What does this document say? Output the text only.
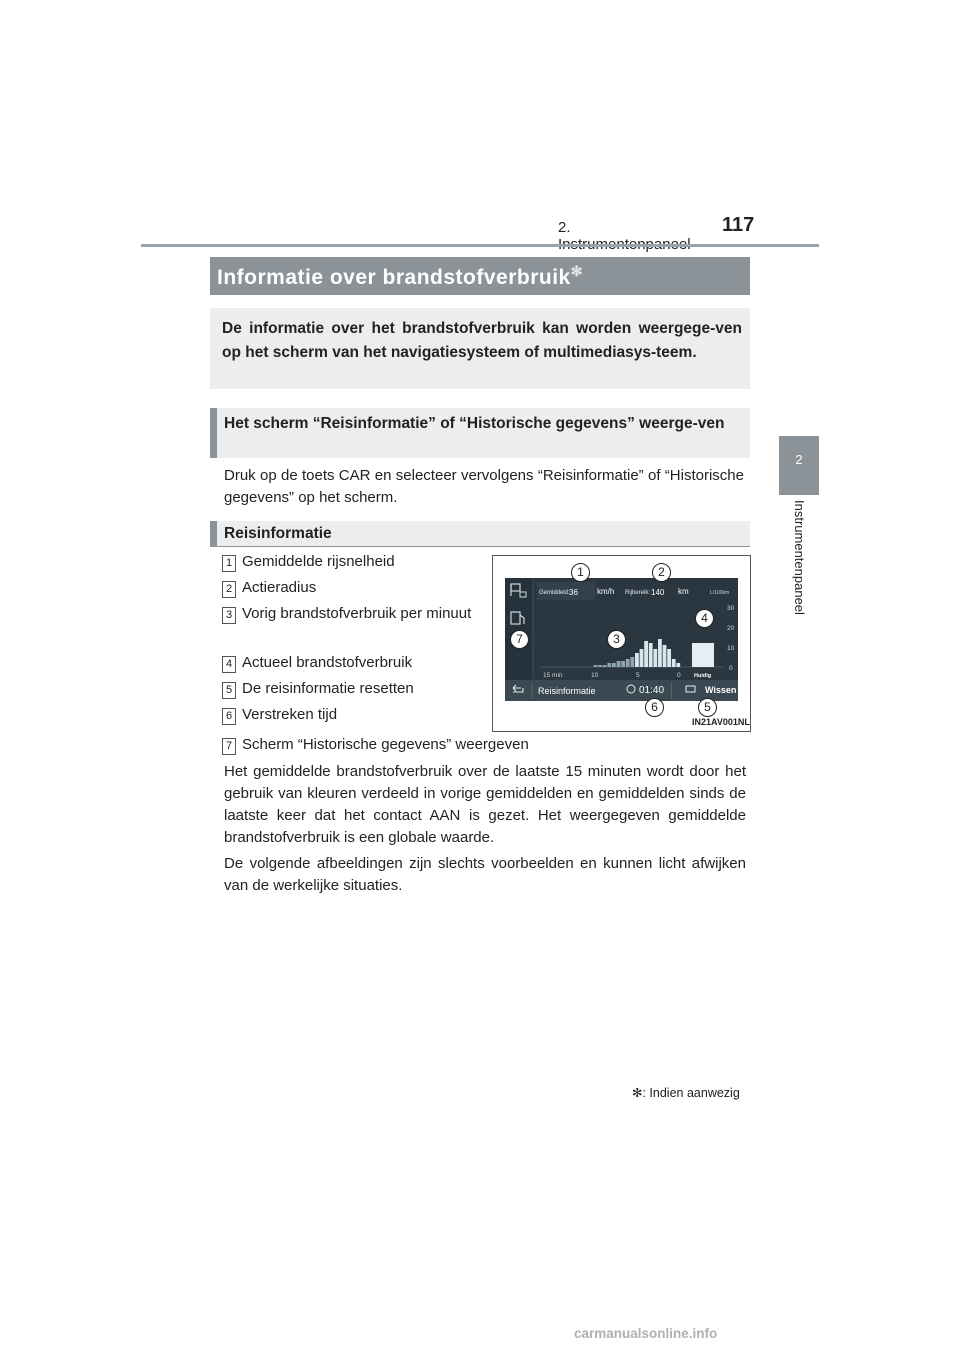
2.	117
2
Instrumentenpaneel
Informatie over brandstofverbruik✻
De informatie over het brandstofverbruik kan worden weergege-ven op het scherm van het navigatiesysteem of multimediasys-teem.
Het scherm “Reisinformatie” of “Historische gegevens” weerge-ven
Druk op de toets CAR en selecteer vervolgens “Reisinformatie” of “Historische gegevens” op het scherm.
Reisinformatie
1 Gemiddelde rijsnelheid
2 Actieradius
3 Vorig brandstofverbruik per minuut
4 Actueel brandstofverbruik
5 De reisinformatie resetten
6 Verstreken tijd
7 Scherm “Historische gegevens” weergeven
Gemiddeld: 36 km/h Rijbereik: 140 km	L/100km
30
20
10
0
15 min	10	5	0 Huidig
Reisinformatie	01:40	Wissen
1	2
3
4
5
6
7
IN21AV001NL
Het gemiddelde brandstofverbruik over de laatste 15 minuten wordt door het gebruik van kleuren verdeeld in vorige gemiddelden en gemiddelden sinds de laatste keer dat het contact AAN is gezet. Het weergegeven gemiddelde brandstofverbruik is een globale waarde.
De volgende afbeeldingen zijn slechts voorbeelden en kunnen licht afwijken van de werkelijke situaties.
✻: Indien aanwezig
carmanualsonline.info
